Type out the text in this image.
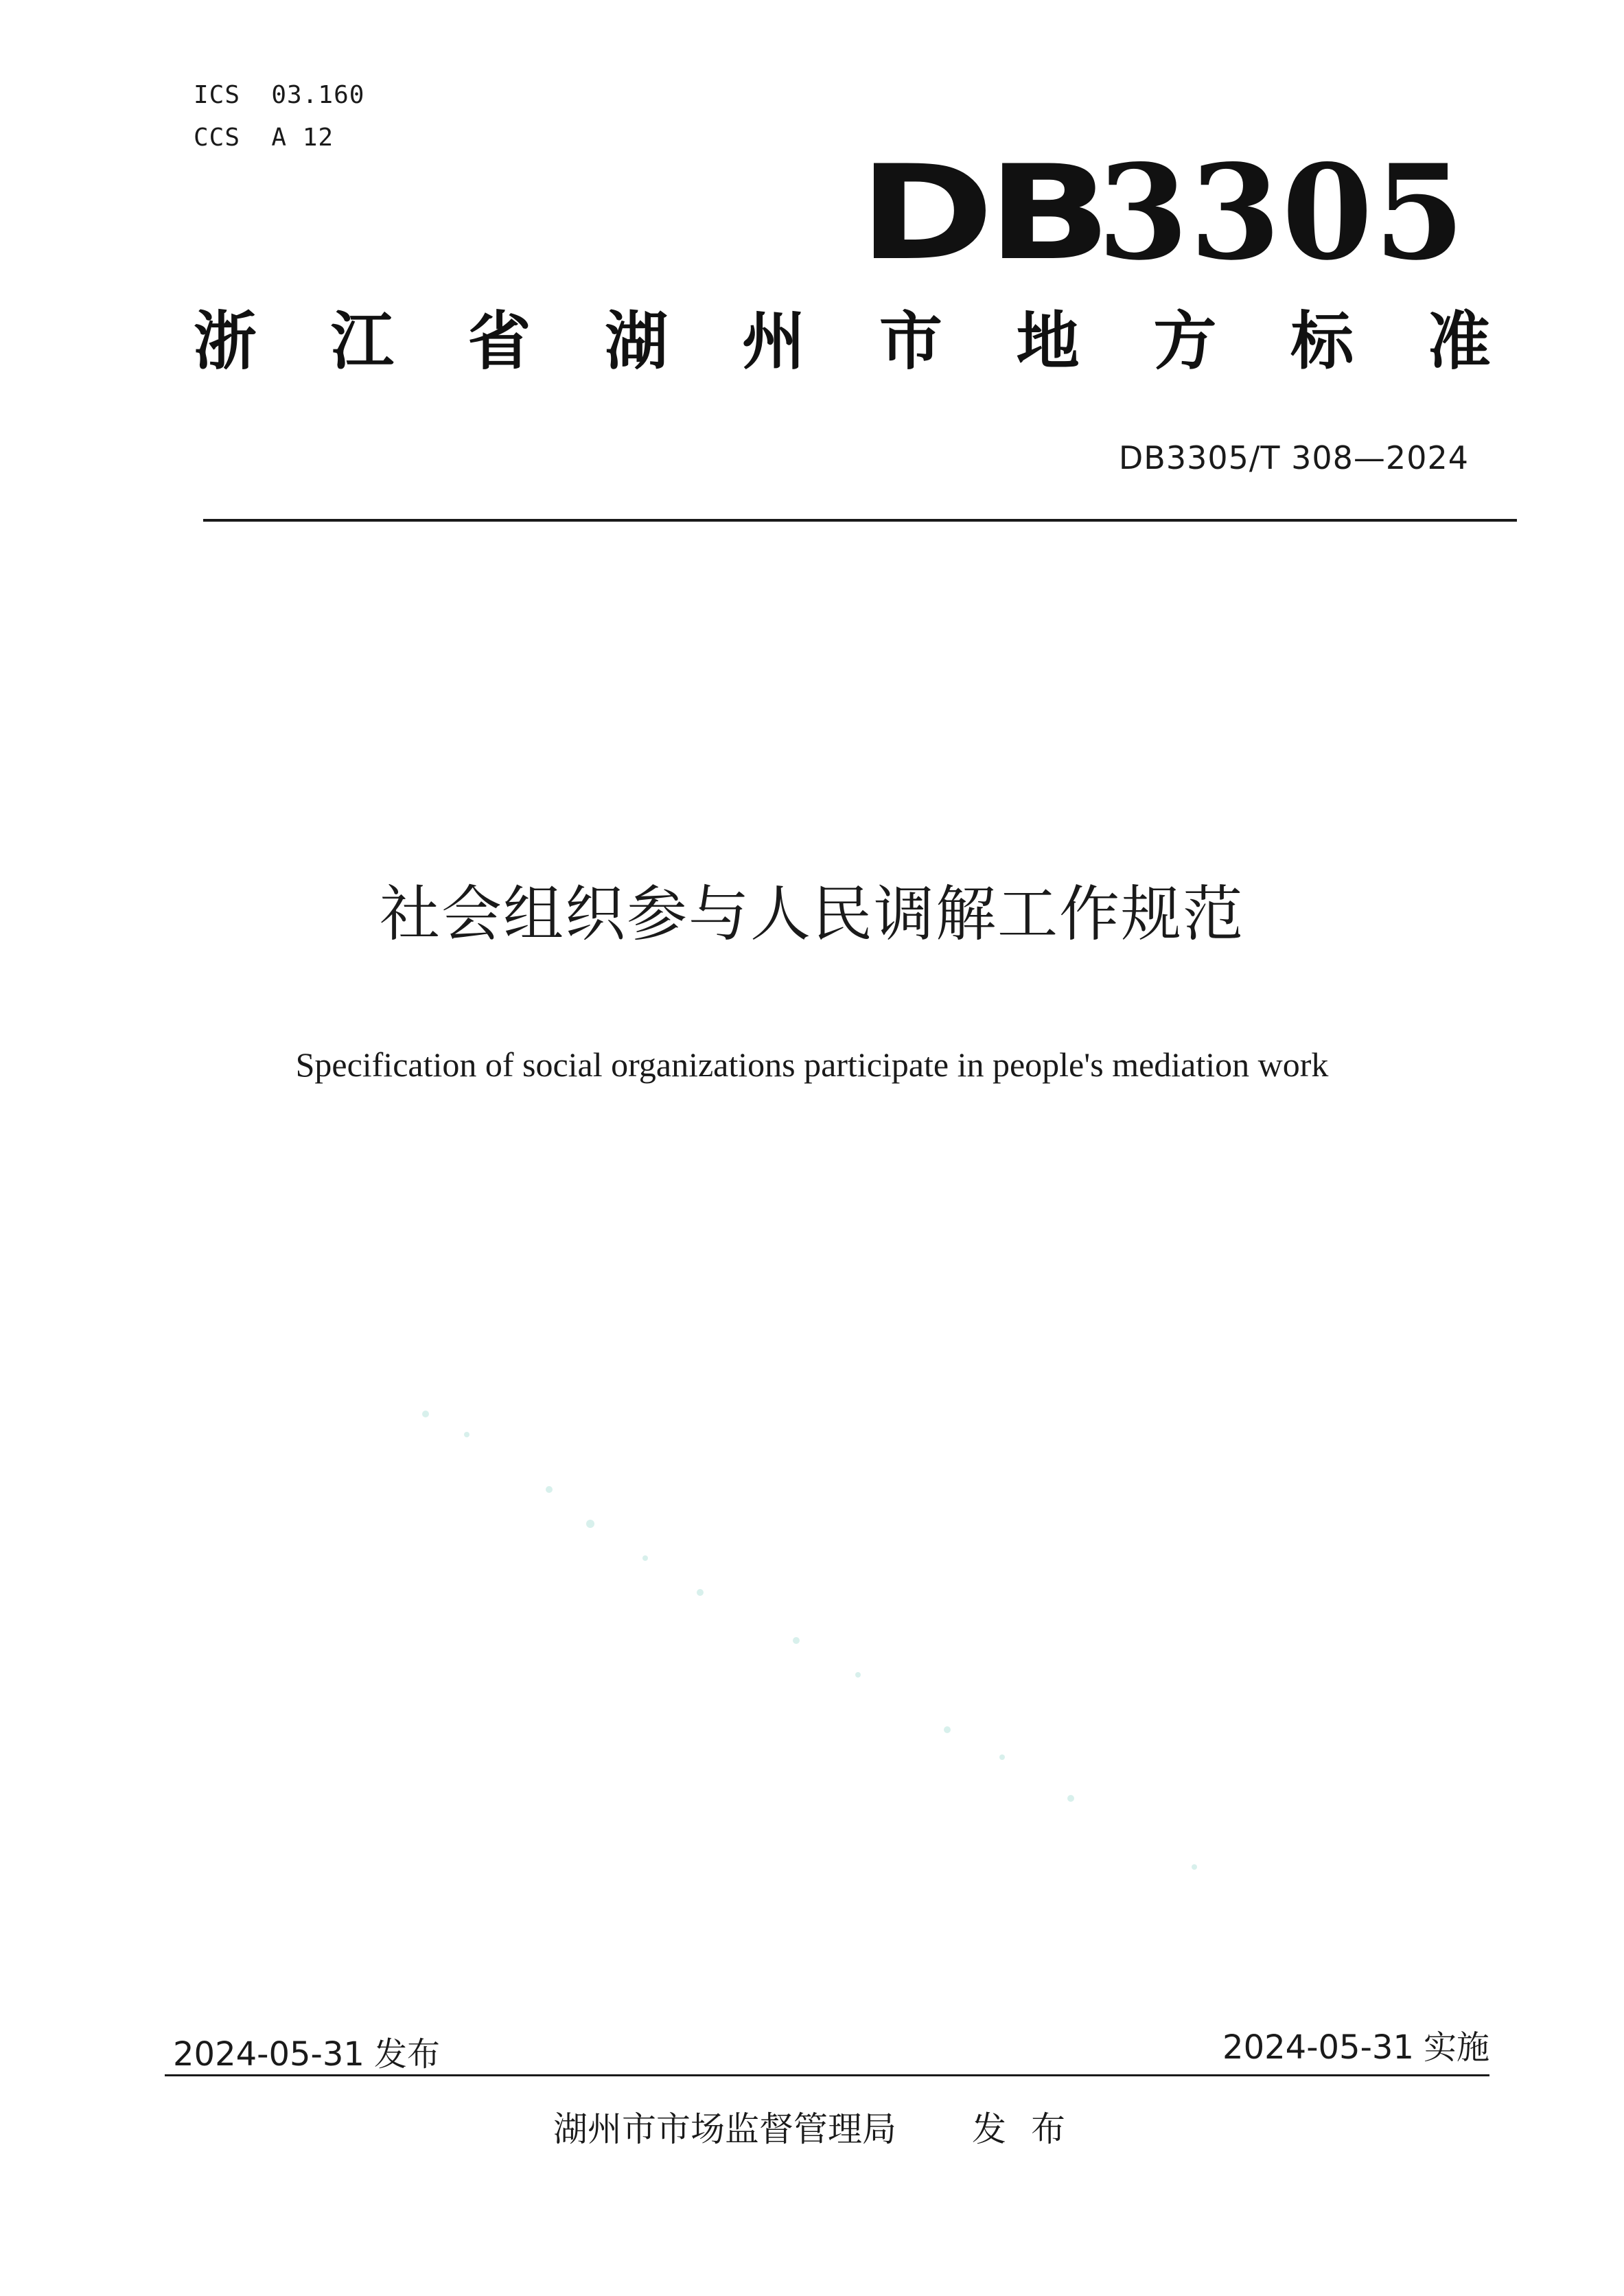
ICS  03.160
CCS  A 12	DB3305
浙 江 省 湖 州 市 地 方 标 准
DB3305/T 308—2024
社会组织参与人民调解工作规范
Specification of social organizations participate in people's mediation work
2024-05-31 发布	2024-05-31 实施
湖州市市场监督管理局 发布
